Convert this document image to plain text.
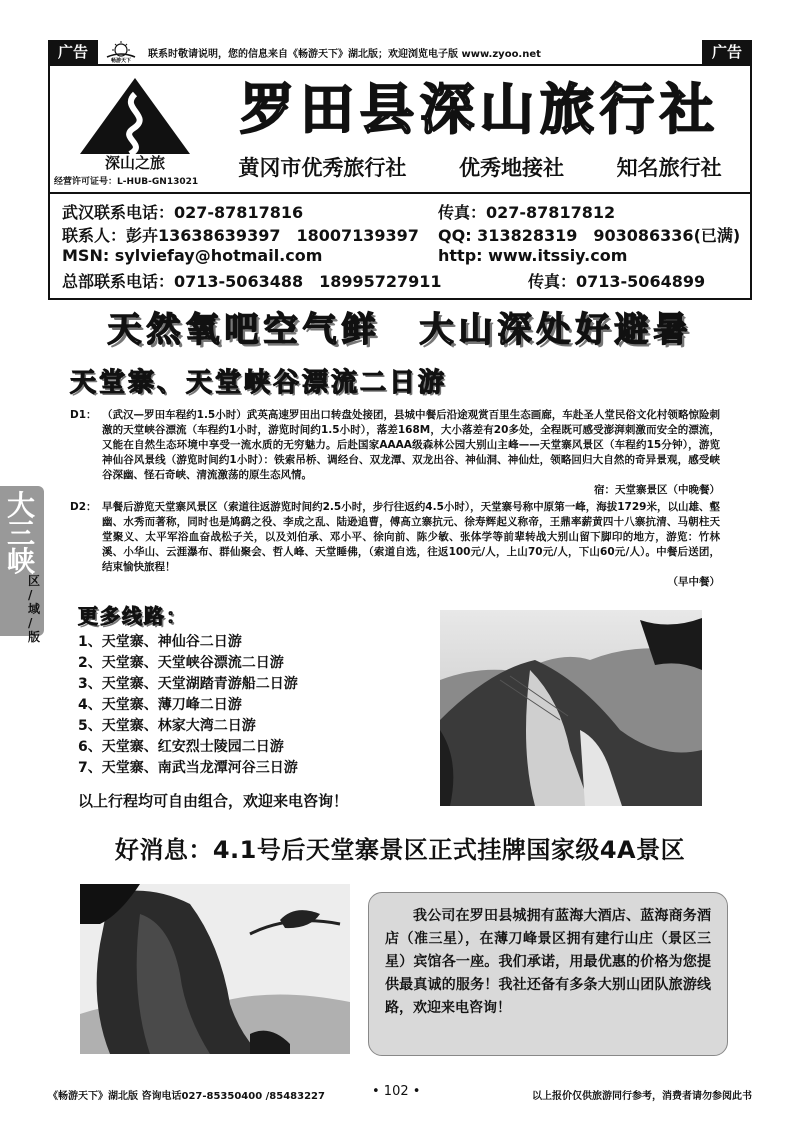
广告	畅游天下
联系时敬请说明，您的信息来自《畅游天下》湖北版；欢迎浏览电子版 www.zyoo.net	广告
深山之旅
经营许可证号：L-HUB-GN13021
罗田县深山旅行社
黄冈市优秀旅行社	优秀地接社	知名旅行社
武汉联系电话：027-87817816	传真：027-87817812
联系人：彭卉13638639397　18007139397 QQ: 313828319　903086336(已满)
MSN: sylviefay@hotmail.com	http: www.itssiy.com
总部联系电话：0713-5063488　18995727911	传真：0713-5064899
天然氧吧空气鲜　大山深处好避暑
天堂寨、天堂峡谷漂流二日游
D1： （武汉—罗田车程约1.5小时）武英高速罗田出口转盘处接团，县城中餐后沿途观赏百里生态画廊，车赴圣人堂民俗文化村领略惊险刺激的天堂峡谷漂流（车程约1小时，游览时间约1.5小时），落差168M，大小落差有20多处，全程既可感受澎湃刺激而安全的漂流，又能在自然生态环境中享受一流水质的无穷魅力。后赴国家AAAA级森林公园大别山主峰——天堂寨风景区（车程约15分钟），游览神仙谷风景线（游览时间约1小时）：铁索吊桥、调经台、双龙潭、双龙出谷、神仙洞、神仙灶，领略回归大自然的奇异景观，感受峡谷深幽、怪石奇峡、清流激荡的原生态风情。
宿：天堂寨景区（中晚餐）
D2： 早餐后游览天堂寨风景区（索道往返游览时间约2.5小时，步行往返约4.5小时），天堂寨号称中原第一峰，海拔1729米，以山雄、壑幽、水秀而著称，同时也是鸠鹞之役、李成之乱、陆逊追曹，傅高立寨抗元、徐寿辉起义称帝，王鼎率薪黄四十八寨抗清、马朝柱天堂聚义、太平军浴血奋战松子关，以及刘伯承、邓小平、徐向前、陈少敏、张体学等前辈转战大别山留下脚印的地方，游览：竹林溪、小华山、云涯瀑布、群仙聚会、哲人峰、天堂睡佛，（索道自选，往返100元/人，上山70元/人，下山60元/人）。中餐后送团，结束愉快旅程！
（早中餐）
大
三
峡
区
/
域
/
版
更多线路：
1、天堂寨、神仙谷二日游
2、天堂寨、天堂峡谷漂流二日游
3、天堂寨、天堂湖踏青游船二日游
4、天堂寨、薄刀峰二日游
5、天堂寨、林家大湾二日游
6、天堂寨、红安烈士陵园二日游
7、天堂寨、南武当龙潭河谷三日游
以上行程均可自由组合，欢迎来电咨询！
好消息：4.1号后天堂寨景区正式挂牌国家级4A景区
我公司在罗田县城拥有蓝海大酒店、蓝海商务酒店（准三星），在薄刀峰景区拥有建行山庄（景区三星）宾馆各一座。我们承诺，用最优惠的价格为您提供最真诚的服务！我社还备有多条大别山团队旅游线路，欢迎来电咨询！
《畅游天下》湖北版 咨询电话027-85350400 /85483227	• 102 •	以上报价仅供旅游同行参考，消费者请勿参阅此书
